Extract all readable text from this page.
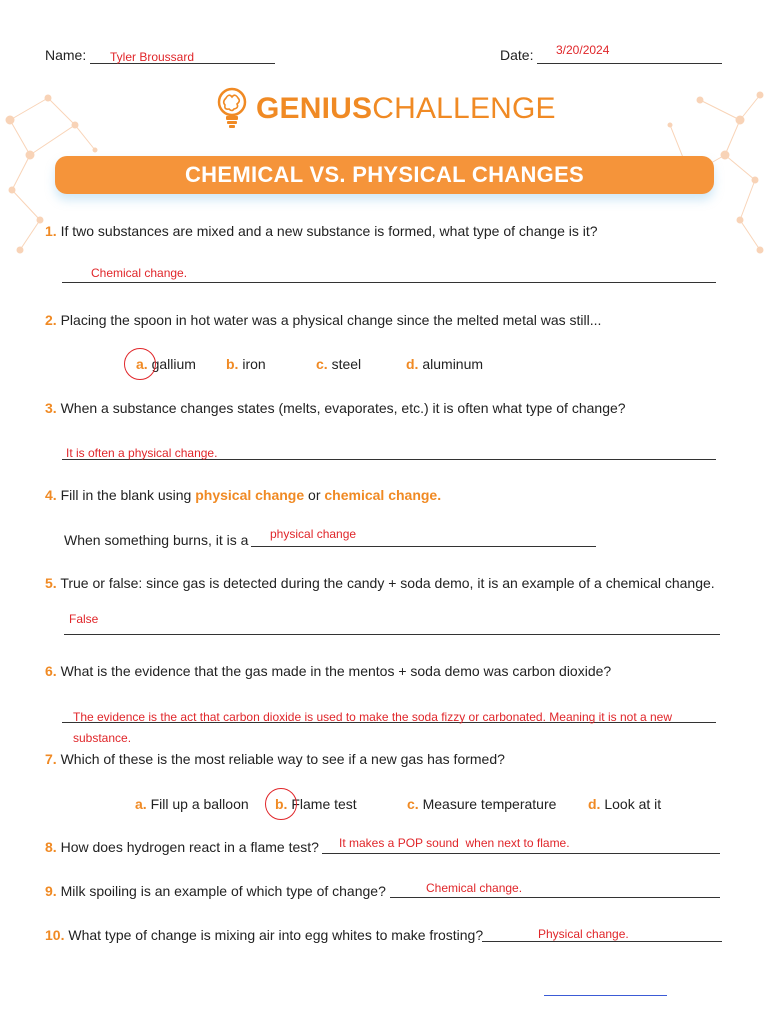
Name: Tyler Broussard	Date: 3/20/2024
GENIUSCHALLENGE
CHEMICAL VS. PHYSICAL CHANGES
1. If two substances are mixed and a new substance is formed, what type of change is it?
Chemical change.
2. Placing the spoon in hot water was a physical change since the melted metal was still...
a. gallium b. iron	c. steel	d. aluminum
3. When a substance changes states (melts, evaporates, etc.) it is often what type of change?
It is often a physical change.
4. Fill in the blank using physical change or chemical change.
When something burns, it is a physical change
5. True or false: since gas is detected during the candy + soda demo, it is an example of a chemical change.
False
6. What is the evidence that the gas made in the mentos + soda demo was carbon dioxide?
The evidence is the act that carbon dioxide is used to make the soda fizzy or carbonated. Meaning it is not a new
substance.
7. Which of these is the most reliable way to see if a new gas has formed?
a. Fill up a balloon b. Flame test	c. Measure temperature d. Look at it
8. How does hydrogen react in a flame test? It makes a POP sound  when next to flame.
9. Milk spoiling is an example of which type of change?	Chemical change.
10. What type of change is mixing air into egg whites to make frosting?	Physical change.
